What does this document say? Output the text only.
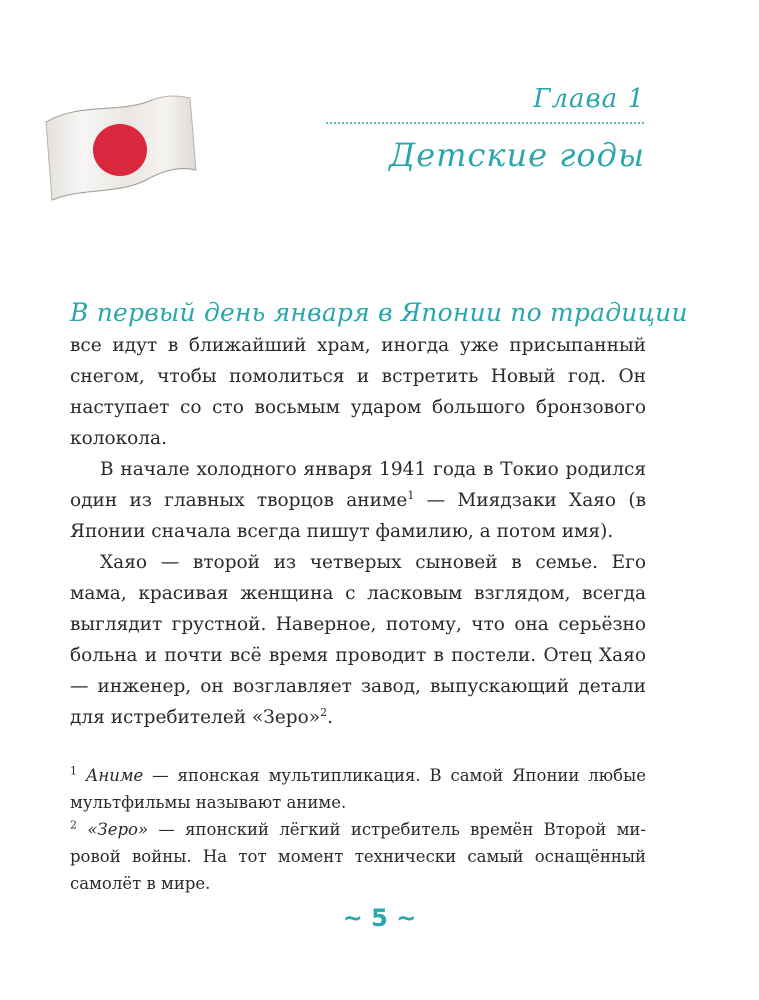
Глава 1
Детские годы
В первый день января в Японии по традиции

все идут в ближайший храм, иногда уже присыпанный снегом, чтобы помолиться и встретить Новый год. Он наступает со сто восьмым ударом большого бронзового колокола.

В начале холодного января 1941 года в Токио родился один из главных творцов аниме$^1$ — Миядзаки Хаяо (в Японии сначала всегда пишут фамилию, а потом имя).

Хаяо — второй из четверых сыновей в семье. Его мама, красивая женщина с ласковым взглядом, всегда выглядит грустной. Наверное, потому, что она серьёзно больна и почти всё время проводит в постели. Отец Хаяо — инженер, он возглавляет завод, выпускающий детали для истребителей «Зеро»$^2$.

$^1$ Аниме — японская мультипликация. В самой Японии любые мультфильмы называют аниме.

$^2$ «Зеро» — японский лёгкий истребитель времён Второй мировой войны. На тот момент технически самый оснащённый самолёт в мире.

~ 5 ~
